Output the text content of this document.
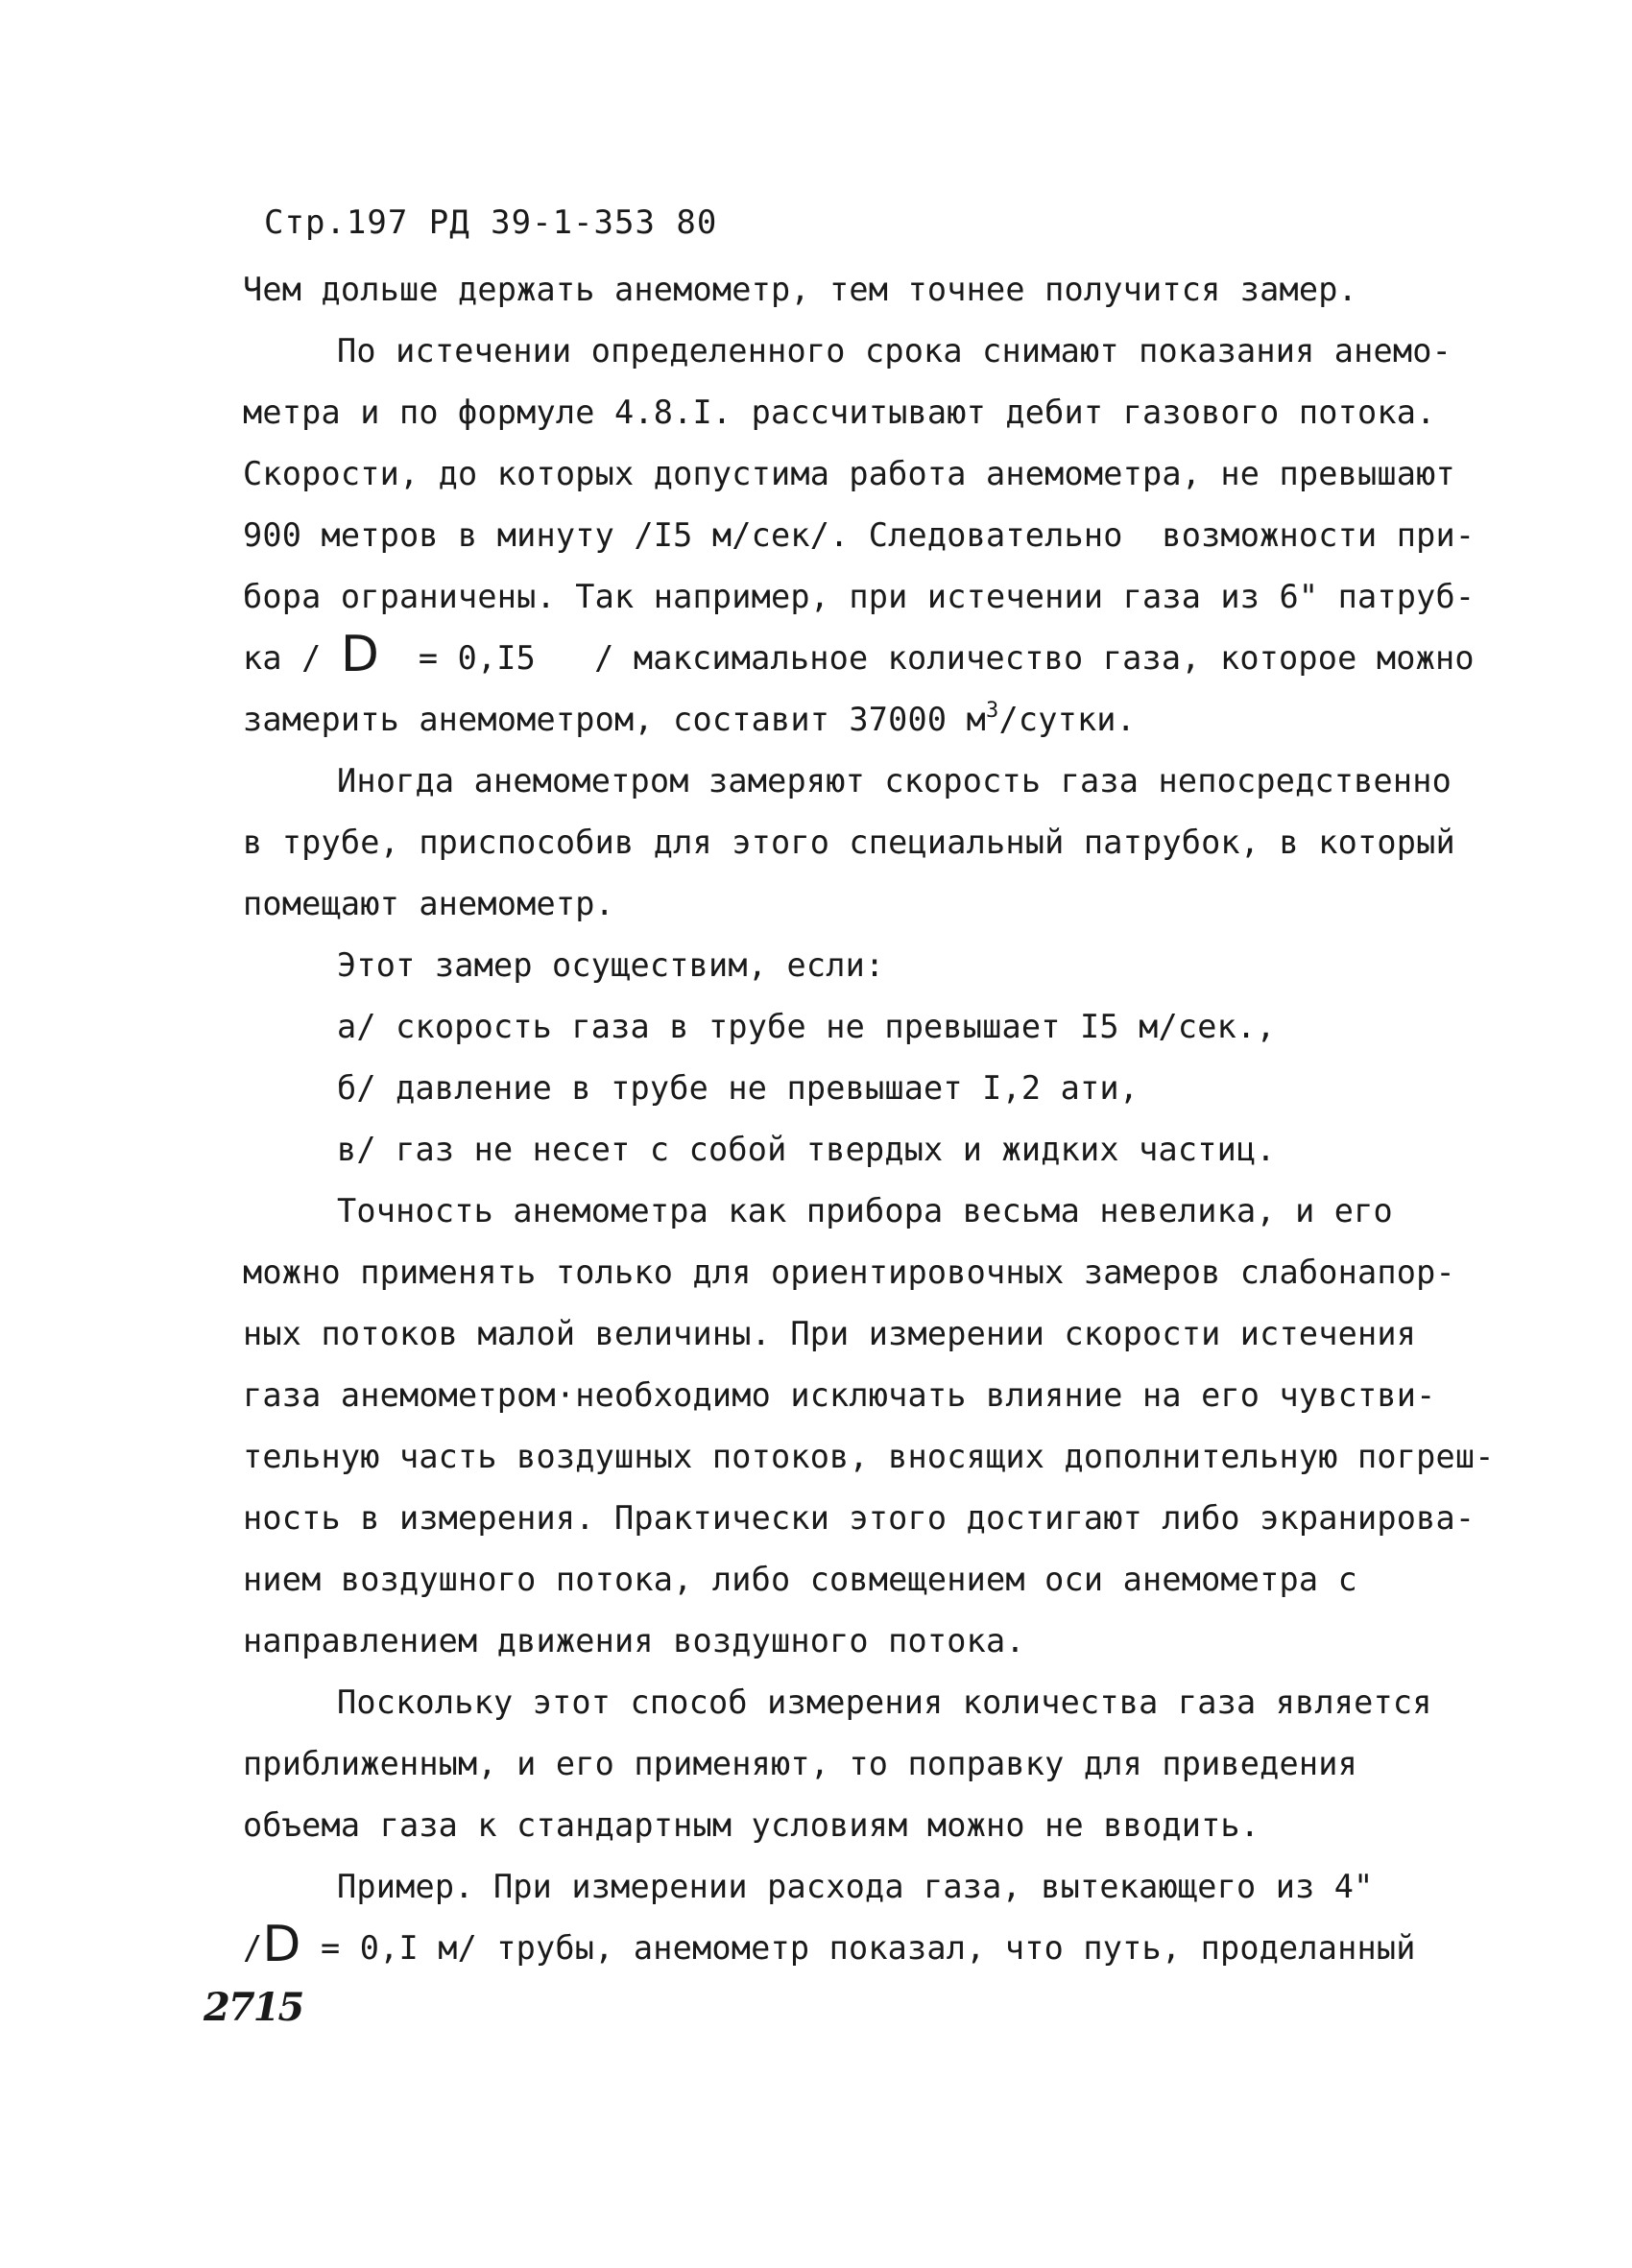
Стр.197 РД 39-1-353 80
Чем дольше держать анемометр, тем точнее получится замер.
По истечении определенного срока снимают показания анемо-
метра и по формуле 4.8.I. рассчитывают дебит газового потока.
Скорости, до которых допустима работа анемометра, не превышают
900 метров в минуту /I5 м/сек/. Следовательно  возможности при-
бора ограничены. Так например, при истечении газа из 6" патруб-
ка / D  = 0,I5   / максимальное количество газа, которое можно
замерить анемометром, составит 37000 $м^3$/сутки.
Иногда анемометром замеряют скорость газа непосредственно
в трубе, приспособив для этого специальный патрубок, в который
помещают анемометр.
Этот замер осуществим, если:
а/ скорость газа в трубе не превышает I5 м/сек.,
б/ давление в трубе не превышает I,2 ати,
в/ газ не несет с собой твердых и жидких частиц.
Точность анемометра как прибора весьма невелика, и его
можно применять только для ориентировочных замеров слабонапор-
ных потоков малой величины. При измерении скорости истечения
газа анемометром·необходимо исключать влияние на его чувстви-
тельную часть воздушных потоков, вносящих дополнительную погреш-
ность в измерения. Практически этого достигают либо экранирова-
нием воздушного потока, либо совмещением оси анемометра с
направлением движения воздушного потока.
Поскольку этот способ измерения количества газа является
приближенным, и его применяют, то поправку для приведения
объема газа к стандартным условиям можно не вводить.
Пример. При измерении расхода газа, вытекающего из 4"
/D = 0,I м/ трубы, анемометр показал, что путь, проделанный
2715
